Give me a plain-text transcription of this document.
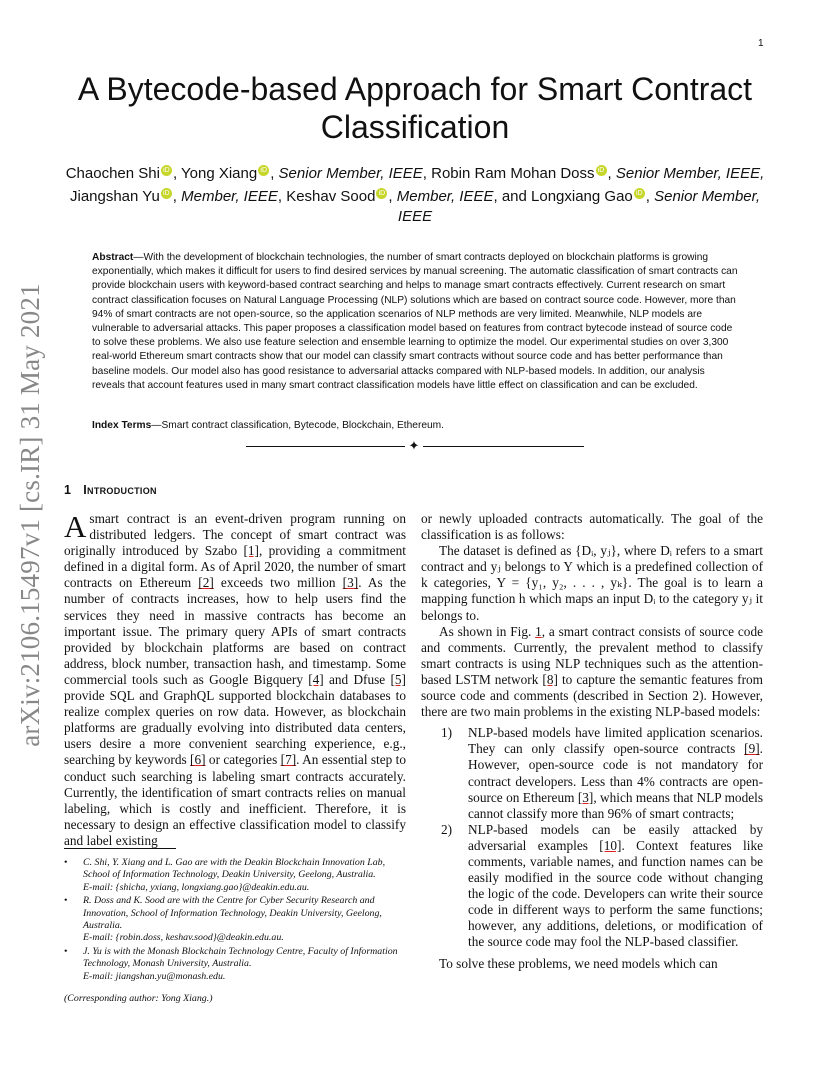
1
arXiv:2106.15497v1 [cs.IR] 31 May 2021
A Bytecode-based Approach for Smart Contract Classification
Chaochen Shi iD , Yong Xiang iD , Senior Member, IEEE, Robin Ram Mohan Doss iD , Senior Member, IEEE,
Jiangshan Yu iD , Member, IEEE, Keshav Sood iD , Member, IEEE, and Longxiang Gao iD , Senior Member, IEEE

Abstract—With the development of blockchain technologies, the number of smart contracts deployed on blockchain platforms is growing exponentially, which makes it difficult for users to find desired services by manual screening. The automatic classification of smart contracts can provide blockchain users with keyword-based contract searching and helps to manage smart contracts effectively. Current research on smart contract classification focuses on Natural Language Processing (NLP) solutions which are based on contract source code. However, more than 94% of smart contracts are not open-source, so the application scenarios of NLP methods are very limited. Meanwhile, NLP models are vulnerable to adversarial attacks. This paper proposes a classification model based on features from contract bytecode instead of source code to solve these problems. We also use feature selection and ensemble learning to optimize the model. Our experimental studies on over 3,300 real-world Ethereum smart contracts show that our model can classify smart contracts without source code and has better performance than baseline models. Our model also has good resistance to adversarial attacks compared with NLP-based models. In addition, our analysis reveals that account features used in many smart contract classification models have little effect on classification and can be excluded.

Index Terms—Smart contract classification, Bytecode, Blockchain, Ethereum.
✦
1 Introduction

A smart contract is an event-driven program running on distributed ledgers. The concept of smart contract was originally introduced by Szabo [1], providing a commitment defined in a digital form. As of April 2020, the number of smart contracts on Ethereum [2] exceeds two million [3]. As the number of contracts increases, how to help users find the services they need in massive contracts has become an important issue. The primary query APIs of smart contracts provided by blockchain platforms are based on contract address, block number, transaction hash, and timestamp. Some commercial tools such as Google Bigquery [4] and Dfuse [5] provide SQL and GraphQL supported blockchain databases to realize complex queries on row data. However, as blockchain platforms are gradually evolving into distributed data centers, users desire a more convenient searching experience, e.g., searching by keywords [6] or categories [7]. An essential step to conduct such searching is labeling smart contracts accurately. Currently, the identification of smart contracts relies on manual labeling, which is costly and inefficient. Therefore, it is necessary to design an effective classification model to classify and label existing

• C. Shi, Y. Xiang and L. Gao are with the Deakin Blockchain Innovation Lab, School of Information Technology, Deakin University, Geelong, Australia.
E-mail: {shicha, yxiang, longxiang.gao}@deakin.edu.au.
• R. Doss and K. Sood are with the Centre for Cyber Security Research and Innovation, School of Information Technology, Deakin University, Geelong, Australia.
E-mail: {robin.doss, keshav.sood}@deakin.edu.au.
• J. Yu is with the Monash Blockchain Technology Centre, Faculty of Information Technology, Monash University, Australia.
E-mail: jiangshan.yu@monash.edu.
(Corresponding author: Yong Xiang.)

or newly uploaded contracts automatically. The goal of the classification is as follows:

The dataset is defined as {Dᵢ, yⱼ}, where Dᵢ refers to a smart contract and yⱼ belongs to Y which is a predefined collection of k categories, Y = {y₁, y₂, . . . , yₖ}. The goal is to learn a mapping function h which maps an input Dᵢ to the category yⱼ it belongs to.

As shown in Fig. 1, a smart contract consists of source code and comments. Currently, the prevalent method to classify smart contracts is using NLP techniques such as the attention-based LSTM network [8] to capture the semantic features from source code and comments (described in Section 2). However, there are two main problems in the existing NLP-based models:

1) NLP-based models have limited application scenarios. They can only classify open-source contracts [9]. However, open-source code is not mandatory for contract developers. Less than 4% contracts are open-source on Ethereum [3], which means that NLP models cannot classify more than 96% of smart contracts;
2) NLP-based models can be easily attacked by adversarial examples [10]. Context features like comments, variable names, and function names can be easily modified in the source code without changing the logic of the code. Developers can write their source code in different ways to perform the same functions; however, any additions, deletions, or modification of the source code may fool the NLP-based classifier.

To solve these problems, we need models which can
